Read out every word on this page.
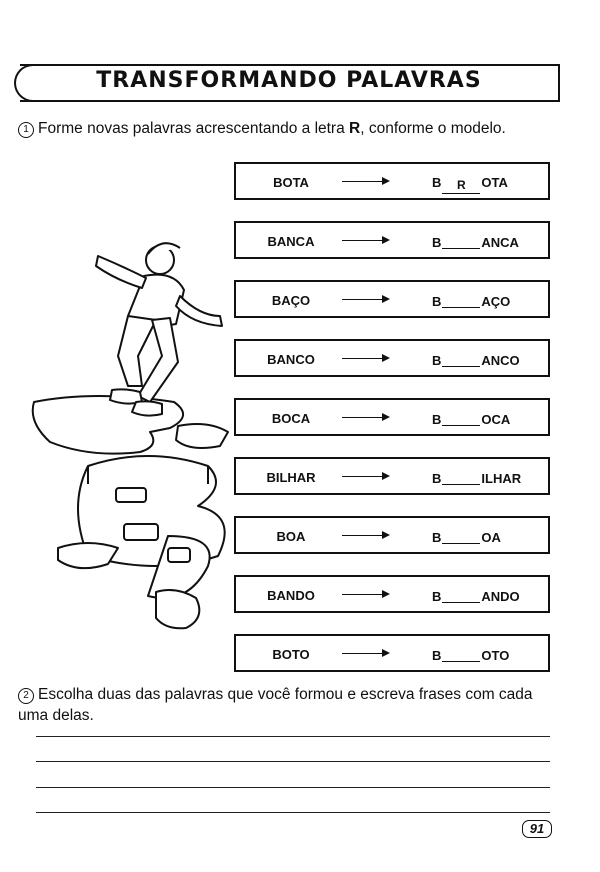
TRANSFORMANDO PALAVRAS
1 Forme novas palavras acrescentando a letra R, conforme o modelo.
BOTA	B R OTA
BANCA	B	ANCA
BAÇO	B	AÇO
BANCO	B	ANCO
BOCA	B	OCA
BILHAR	B	ILHAR
BOA	B	OA
BANDO	B	ANDO
BOTO	B	OTO
2 Escolha duas das palavras que você formou e escreva frases com cada
uma delas.
91
